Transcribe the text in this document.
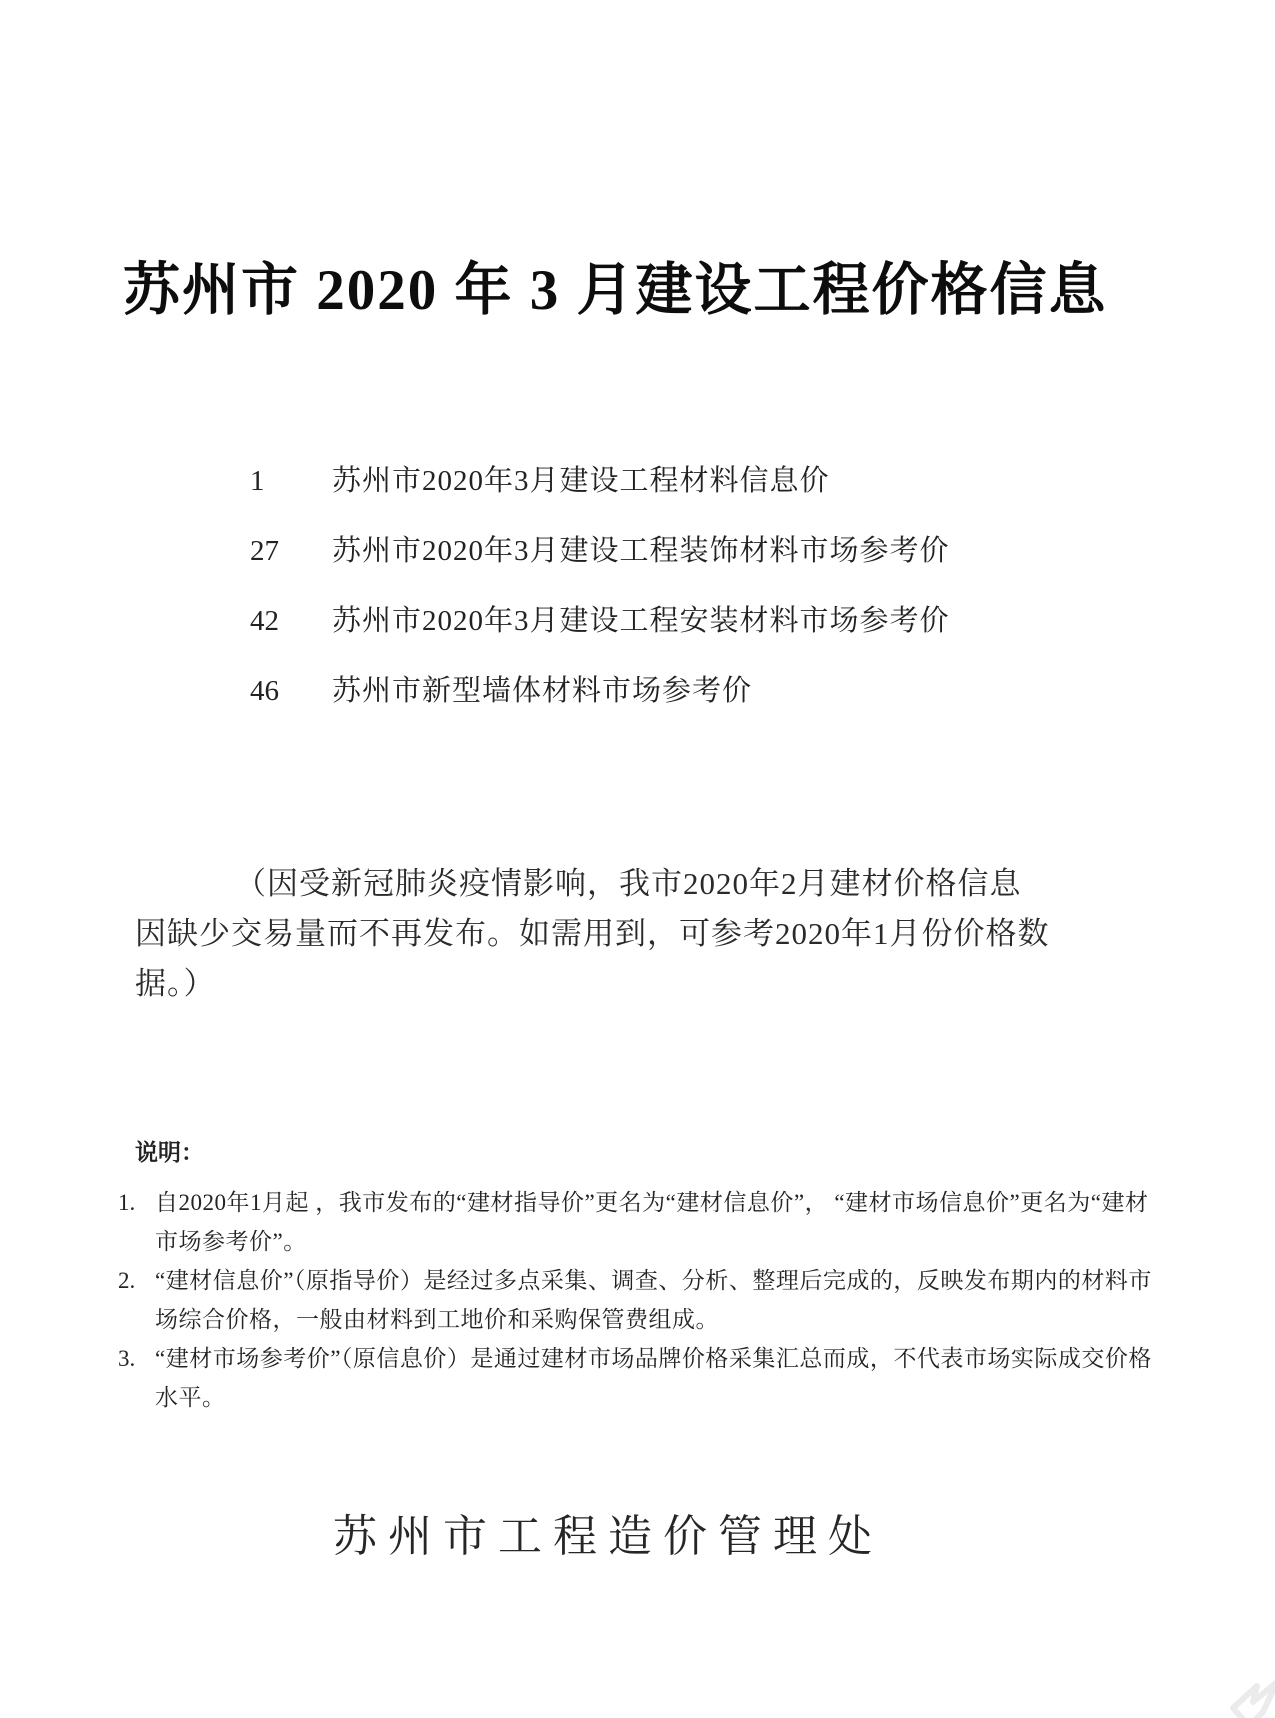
苏州市 2020 年 3 月建设工程价格信息
1	苏州市2020年3月建设工程材料信息价
27	苏州市2020年3月建设工程装饰材料市场参考价
42	苏州市2020年3月建设工程安装材料市场参考价
46	苏州市新型墙体材料市场参考价

（因受新冠肺炎疫情影响，我市2020年2月建材价格信息因缺少交易量而不再发布。如需用到，可参考2020年1月份价格数据。）

说明：
1. 自2020年1月起 ，我市发布的“建材指导价”更名为“建材信息价”， “建材市场信息价”更名为“建材市场参考价”。
2. “建材信息价”（原指导价）是经过多点采集、调查、分析、整理后完成的，反映发布期内的材料市场综合价格，一般由材料到工地价和采购保管费组成。
3. “建材市场参考价”（原信息价）是通过建材市场品牌价格采集汇总而成，不代表市场实际成交价格水平。
苏州市工程造价管理处
